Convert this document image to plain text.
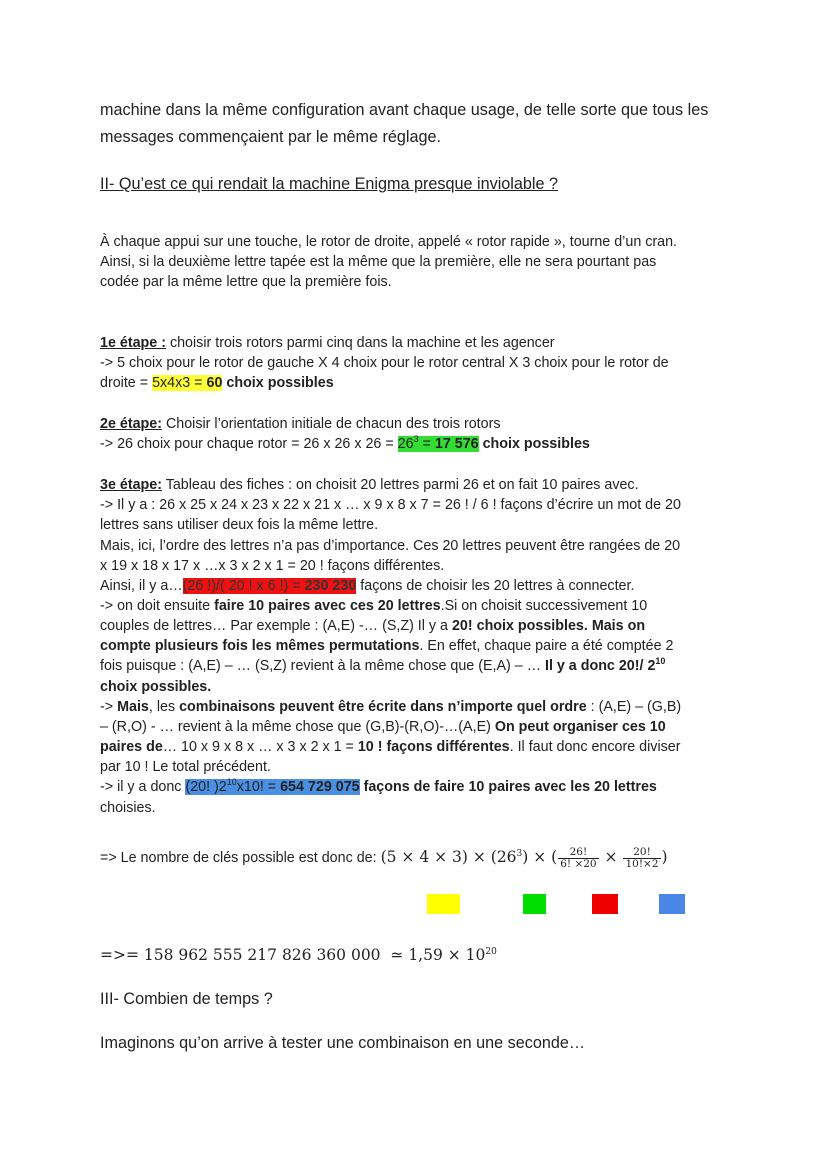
machine dans la même configuration avant chaque usage, de telle sorte que tous les
messages commençaient par le même réglage.
II- Qu’est ce qui rendait la machine Enigma presque inviolable ?
À chaque appui sur une touche, le rotor de droite, appelé « rotor rapide », tourne d’un cran.
Ainsi, si la deuxième lettre tapée est la même que la première, elle ne sera pourtant pas
codée par la même lettre que la première fois.
1e étape : choisir trois rotors parmi cinq dans la machine et les agencer
-> 5 choix pour le rotor de gauche X 4 choix pour le rotor central X 3 choix pour le rotor de
droite = 5x4x3 = 60 choix possibles
2e étape: Choisir l’orientation initiale de chacun des trois rotors
-> 26 choix pour chaque rotor = 26 x 26 x $26 = 26^3 = 17$ 576 choix possibles
3e étape: Tableau des fiches : on choisit 20 lettres parmi 26 et on fait 10 paires avec.
-> Il y a : 26 x 25 x 24 x 23 x 22 x 21 x … x 9 x 8 x 7 = 26 ! / 6 ! façons d’écrire un mot de 20
lettres sans utiliser deux fois la même lettre.
Mais, ici, l’ordre des lettres n’a pas d’importance. Ces 20 lettres peuvent être rangées de 20
x 19 x 18 x 17 x …x 3 x 2 x 1 = 20 ! façons différentes.
Ainsi, il y a…(26 !)/( 20 ! x 6 !) = 230 230 façons de choisir les 20 lettres à connecter.
-> on doit ensuite faire 10 paires avec ces 20 lettres.Si on choisit successivement 10
couples de lettres… Par exemple : (A,E) -… (S,Z) Il y a 20! choix possibles. Mais on
compte plusieurs fois les mêmes permutations. En effet, chaque paire a été comptée 2
fois puisque : (A,E) – … (S,Z) revient à la même chose que (E,A) – … Il y a donc 20!/ $2^{10}$
choix possibles.
-> Mais, les combinaisons peuvent être écrite dans n’importe quel ordre : (A,E) – (G,B)
– (R,O) - … revient à la même chose que (G,B)-(R,O)-…(A,E) On peut organiser ces 10
paires de… 10 x 9 x 8 x … x 3 x 2 x 1 = 10 ! façons différentes. Il faut donc encore diviser
par 10 ! Le total précédent.
-> il y a donc (20! )$2^{10}x10$! = 654 729 075 façons de faire 10 paires avec les 20 lettres
choisies.
=> Le nombre de clés possible est donc de: $(5 \times 4 \times 3) \times (26^3)$ × ( $\frac{26!}{6! \times 20} \times \frac{20!}{10!\times 2}$ )
=>= 158 962 555 217 826 360 000  ≃ $1,59 \times 10^{20}$
III- Combien de temps ?
Imaginons qu’on arrive à tester une combinaison en une seconde…
